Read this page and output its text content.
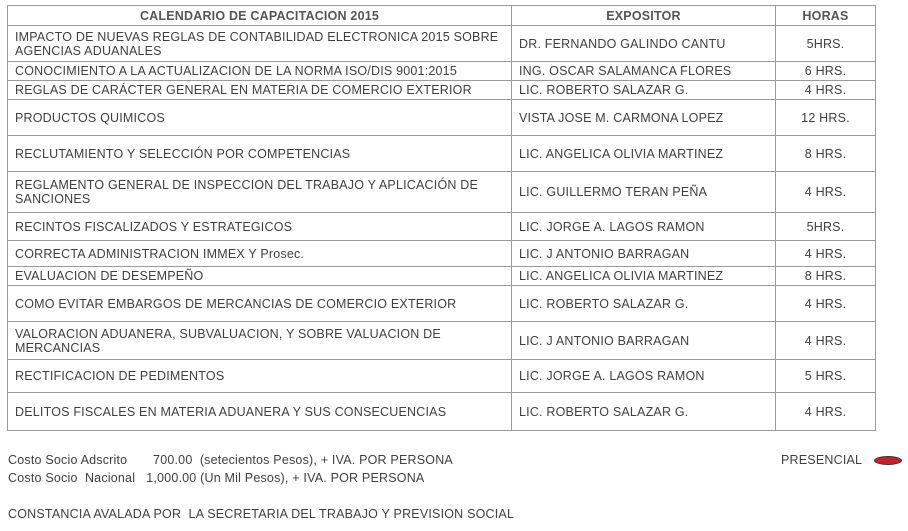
CALENDARIO DE CAPACITACION 2015	EXPOSITOR	HORAS
IMPACTO DE NUEVAS REGLAS DE CONTABILIDAD ELECTRONICA 2015 SOBRE AGENCIAS ADUANALES	DR. FERNANDO GALINDO CANTU	5HRS.
CONOCIMIENTO A LA ACTUALIZACION DE LA NORMA ISO/DIS 9001:2015	ING. OSCAR SALAMANCA FLORES	6 HRS.
REGLAS DE CARÁCTER GENERAL EN MATERIA DE COMERCIO EXTERIOR	LIC. ROBERTO SALAZAR G.	4 HRS.
PRODUCTOS QUIMICOS	VISTA JOSE M. CARMONA LOPEZ	12 HRS.
RECLUTAMIENTO Y SELECCIÓN POR COMPETENCIAS	LIC. ANGELICA OLIVIA MARTINEZ	8 HRS.
REGLAMENTO GENERAL DE INSPECCION DEL TRABAJO Y APLICACIÓN DE SANCIONES	LIC. GUILLERMO TERAN PEÑA	4 HRS.
RECINTOS FISCALIZADOS Y ESTRATEGICOS	LIC. JORGE A. LAGOS RAMON	5HRS.
CORRECTA ADMINISTRACION IMMEX Y Prosec.	LIC. J ANTONIO BARRAGAN	4 HRS.
EVALUACION DE DESEMPEÑO	LIC. ANGELICA OLIVIA MARTINEZ	8 HRS.
COMO EVITAR EMBARGOS DE MERCANCIAS DE COMERCIO EXTERIOR	LIC. ROBERTO SALAZAR G.	4 HRS.
VALORACION ADUANERA, SUBVALUACION, Y SOBRE VALUACION DE MERCANCIAS	LIC. J ANTONIO BARRAGAN	4 HRS.
RECTIFICACION DE PEDIMENTOS	LIC. JORGE A. LAGOS RAMON	5 HRS.
DELITOS FISCALES EN MATERIA ADUANERA Y SUS CONSECUENCIAS	LIC. ROBERTO SALAZAR G.	4 HRS.
Costo Socio Adscrito       700.00  (setecientos Pesos), + IVA. POR PERSONA
Costo Socio  Nacional   1,000.00 (Un Mil Pesos), + IVA. POR PERSONA
PRESENCIAL
CONSTANCIA AVALADA POR  LA SECRETARIA DEL TRABAJO Y PREVISION SOCIAL
